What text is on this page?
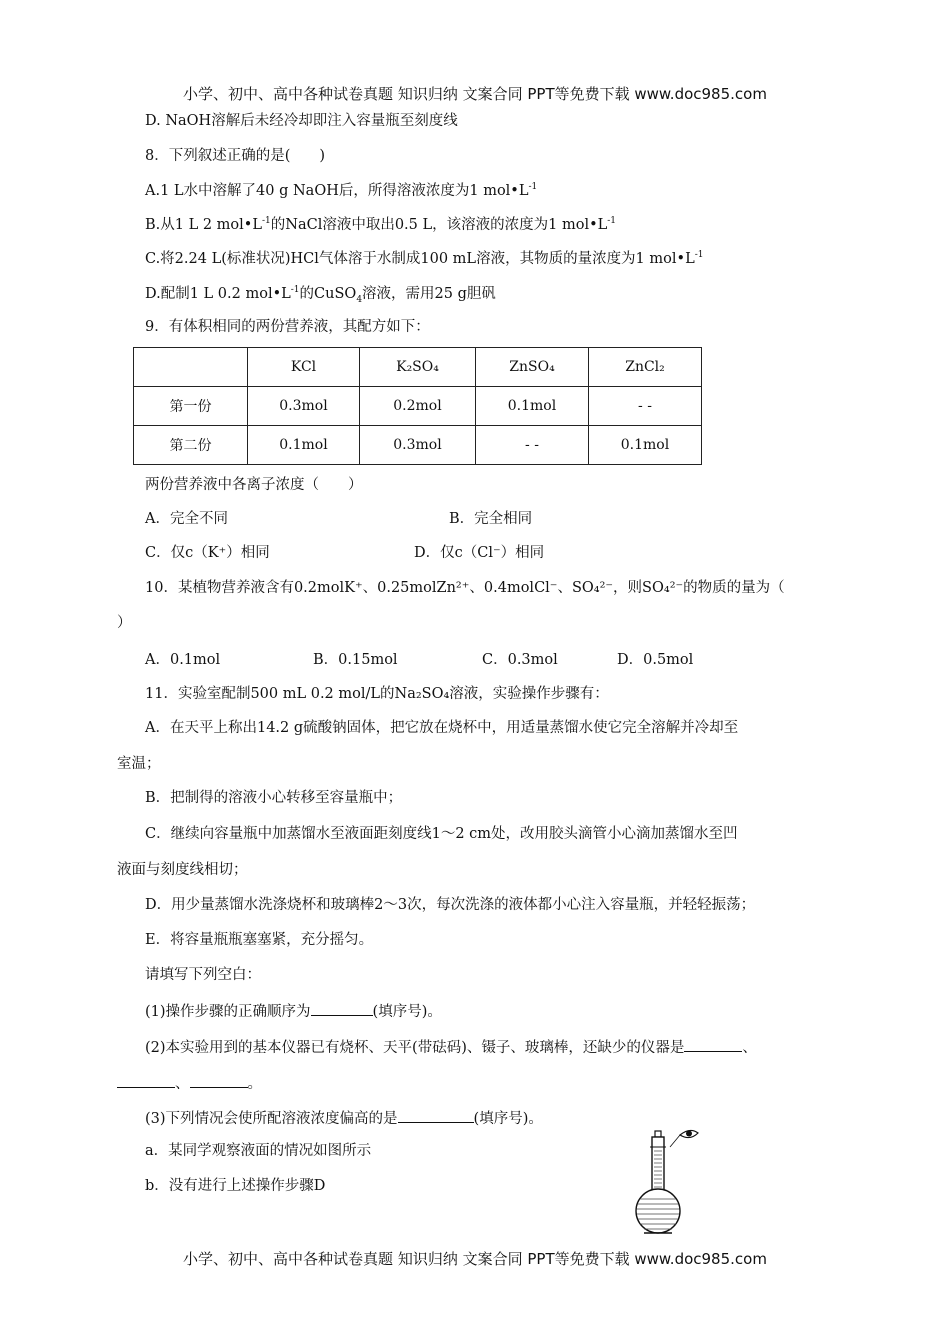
小学、初中、高中各种试卷真题 知识归纳 文案合同 PPT等免费下载 www.doc985.com
D. NaOH溶解后未经冷却即注入容量瓶至刻度线
8．下列叙述正确的是(　　)
A.1 L水中溶解了40 g NaOH后，所得溶液浓度为1 $mol•L^{-1}$
B.从1 L 2 $mol•L^{-1}$的NaCl溶液中取出0.5 L，该溶液的浓度为1 $mol•L^{-1}$
C.将2.24 L(标准状况)HCl气体溶于水制成100 mL溶液，其物质的量浓度为1 $mol•L^{-1}$
D.配制1 L 0.2 $mol•L^{-1}$的CuSO$_4$溶液，需用25 g胆矾
9．有体积相同的两份营养液，其配方如下：
	KCl	K₂SO₄	ZnSO₄	ZnCl₂
第一份	0.3mol	0.2mol	0.1mol	- -
第二份	0.1mol	0.3mol	- -	0.1mol
两份营养液中各离子浓度（　　）
A．完全不同	B．完全相同
C．仅c（K⁺）相同	D．仅c（Cl⁻）相同
10．某植物营养液含有0.2molK⁺、0.25molZn²⁺、0.4molCl⁻、SO₄²⁻，则SO₄²⁻的物质的量为（
）
A．0.1mol	B．0.15mol	C．0.3mol	D．0.5mol
11．实验室配制500 mL 0.2 mol/L的Na₂SO₄溶液，实验操作步骤有：
A．在天平上称出14.2 g硫酸钠固体，把它放在烧杯中，用适量蒸馏水使它完全溶解并冷却至
室温；
B．把制得的溶液小心转移至容量瓶中；
C．继续向容量瓶中加蒸馏水至液面距刻度线1～2 cm处，改用胶头滴管小心滴加蒸馏水至凹
液面与刻度线相切；
D．用少量蒸馏水洗涤烧杯和玻璃棒2～3次，每次洗涤的液体都小心注入容量瓶，并轻轻振荡；
E．将容量瓶瓶塞塞紧，充分摇匀。
请填写下列空白：
(1)操作步骤的正确顺序为	(填序号)。
(2)本实验用到的基本仪器已有烧杯、天平(带砝码)、镊子、玻璃棒，还缺少的仪器是	、
、	。
(3)下列情况会使所配溶液浓度偏高的是	(填序号)。
a．某同学观察液面的情况如图所示
b．没有进行上述操作步骤D
小学、初中、高中各种试卷真题 知识归纳 文案合同 PPT等免费下载 www.doc985.com
